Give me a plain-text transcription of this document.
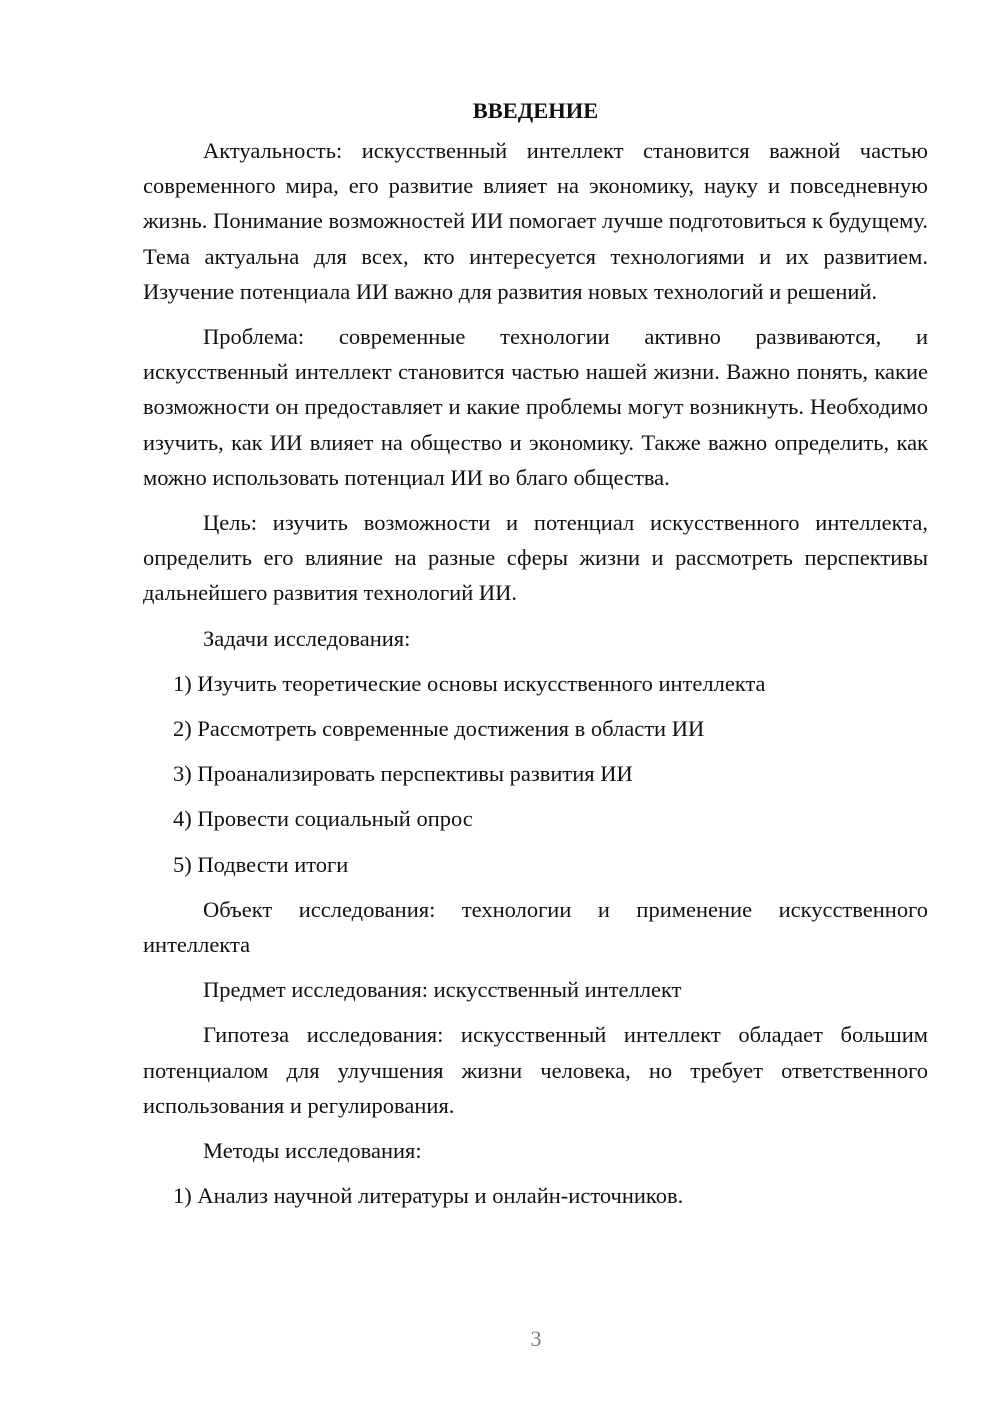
ВВЕДЕНИЕ

Актуальность: искусственный интеллект становится важной частью современного мира, его развитие влияет на экономику, науку и повседневную жизнь. Понимание возможностей ИИ помогает лучше подготовиться к будущему. Тема актуальна для всех, кто интересуется технологиями и их развитием. Изучение потенциала ИИ важно для развития новых технологий и решений.

Проблема: современные технологии активно развиваются, и искусственный интеллект становится частью нашей жизни. Важно понять, какие возможности он предоставляет и какие проблемы могут возникнуть. Необходимо изучить, как ИИ влияет на общество и экономику. Также важно определить, как можно использовать потенциал ИИ во благо общества.

Цель: изучить возможности и потенциал искусственного интеллекта, определить его влияние на разные сферы жизни и рассмотреть перспективы дальнейшего развития технологий ИИ.

Задачи исследования:

1) Изучить теоретические основы искусственного интеллекта

2) Рассмотреть современные достижения в области ИИ

3) Проанализировать перспективы развития ИИ

4) Провести социальный опрос

5) Подвести итоги

Объект исследования: технологии и применение искусственного интеллекта

Предмет исследования: искусственный интеллект

Гипотеза исследования: искусственный интеллект обладает большим потенциалом для улучшения жизни человека, но требует ответственного использования и регулирования.

Методы исследования:

1) Анализ научной литературы и онлайн-источников.

3
